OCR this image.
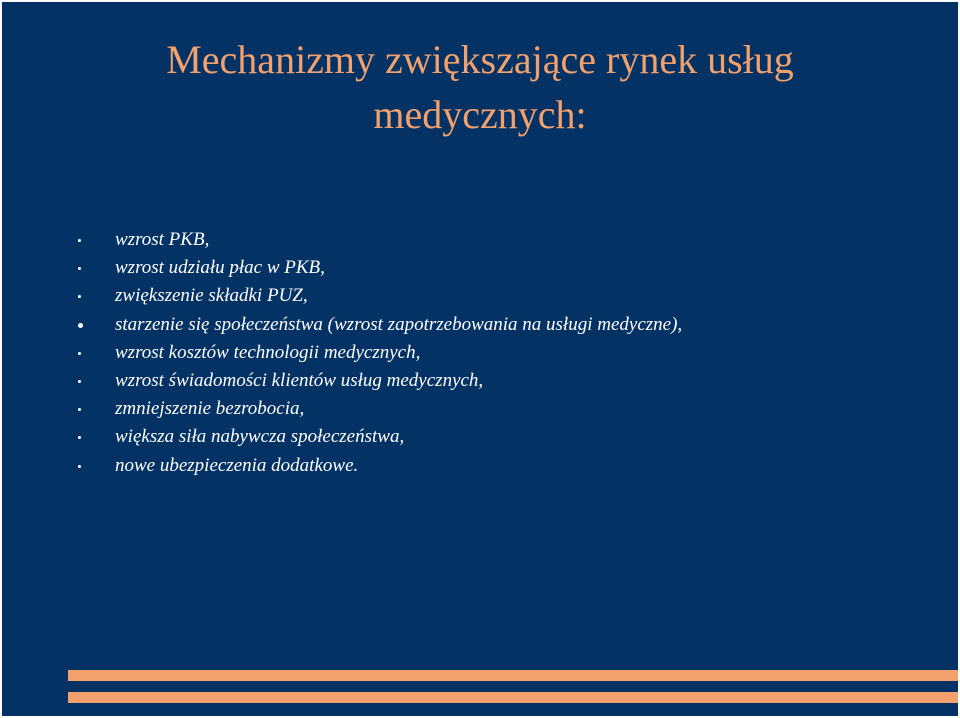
Mechanizmy zwiększające rynek usług
medycznych:
wzrost PKB,
wzrost udziału płac w PKB,
zwiększenie składki PUZ,
starzenie się społeczeństwa (wzrost zapotrzebowania na usługi medyczne),
wzrost kosztów technologii medycznych,
wzrost świadomości klientów usług medycznych,
zmniejszenie bezrobocia,
większa siła nabywcza społeczeństwa,
nowe ubezpieczenia dodatkowe.
